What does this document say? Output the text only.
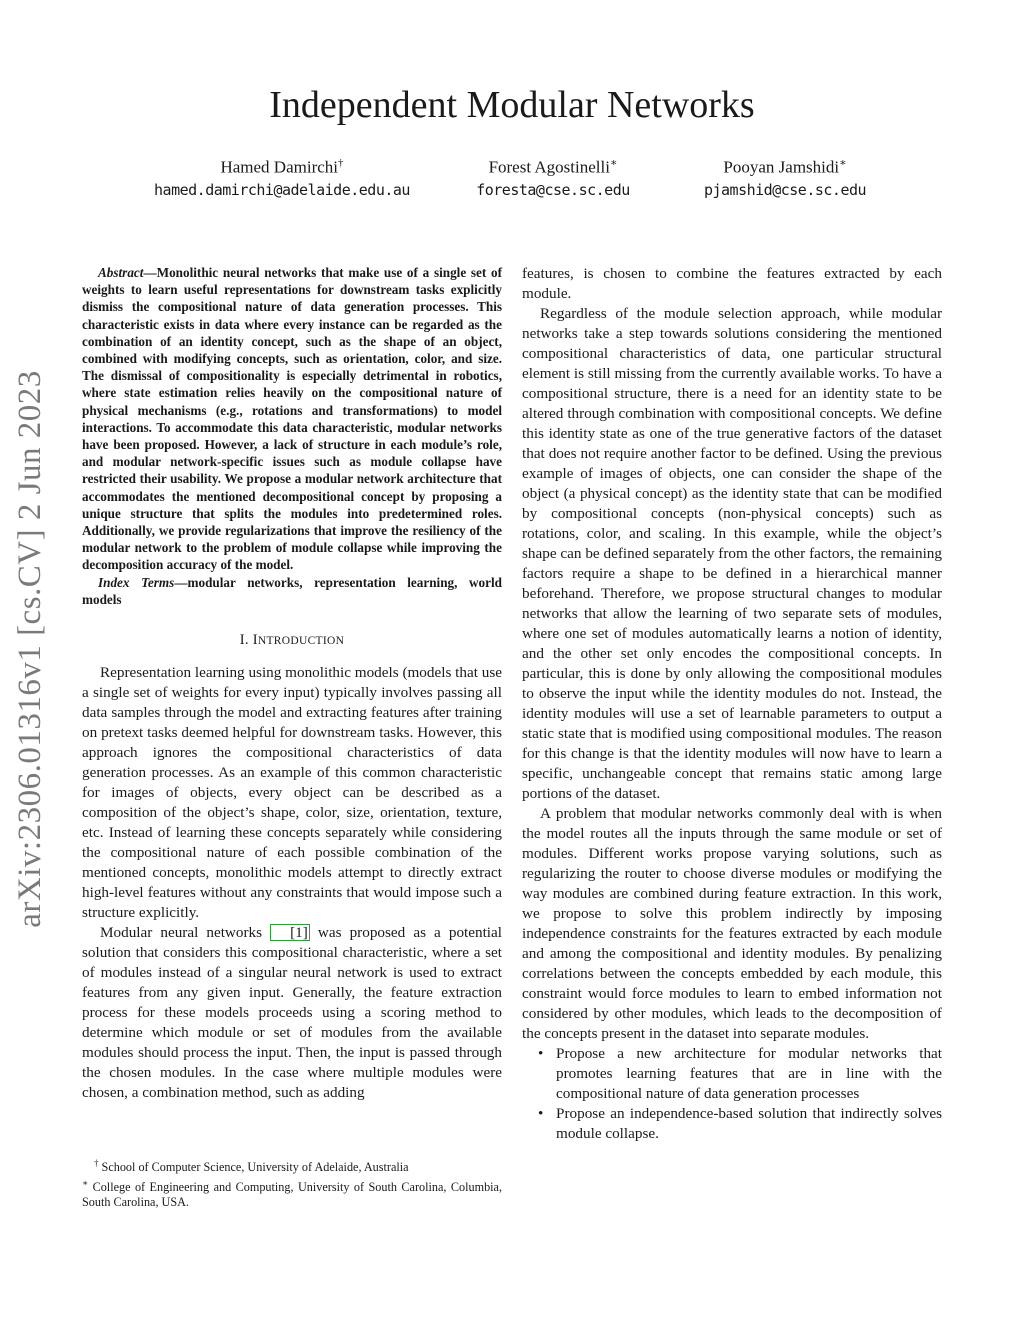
arXiv:2306.01316v1 [cs.CV] 2 Jun 2023
Independent Modular Networks
Hamed Damirchi†
hamed.damirchi@adelaide.edu.au
Forest Agostinelli∗
foresta@cse.sc.edu
Pooyan Jamshidi∗
pjamshid@cse.sc.edu

Abstract—Monolithic neural networks that make use of a single set of weights to learn useful representations for downstream tasks explicitly dismiss the compositional nature of data generation processes. This characteristic exists in data where every instance can be regarded as the combination of an identity concept, such as the shape of an object, combined with modifying concepts, such as orientation, color, and size. The dismissal of compositionality is especially detrimental in robotics, where state estimation relies heavily on the compositional nature of physical mechanisms (e.g., rotations and transformations) to model interactions. To accommodate this data characteristic, modular networks have been proposed. However, a lack of structure in each module’s role, and modular network-specific issues such as module collapse have restricted their usability. We propose a modular network architecture that accommodates the mentioned decompositional concept by proposing a unique structure that splits the modules into predetermined roles. Additionally, we provide regularizations that improve the resiliency of the modular network to the problem of module collapse while improving the decomposition accuracy of the model.

Index Terms—modular networks, representation learning, world models

I. INTRODUCTION

Representation learning using monolithic models (models that use a single set of weights for every input) typically involves passing all data samples through the model and extracting features after training on pretext tasks deemed helpful for downstream tasks. However, this approach ignores the compositional characteristics of data generation processes. As an example of this common characteristic for images of objects, every object can be described as a composition of the object’s shape, color, size, orientation, texture, etc. Instead of learning these concepts separately while considering the compositional nature of each possible combination of the mentioned concepts, monolithic models attempt to directly extract high-level features without any constraints that would impose such a structure explicitly.

Modular neural networks [1] was proposed as a potential solution that considers this compositional characteristic, where a set of modules instead of a singular neural network is used to extract features from any given input. Generally, the feature extraction process for these models proceeds using a scoring method to determine which module or set of modules from the available modules should process the input. Then, the input is passed through the chosen modules. In the case where multiple modules were chosen, a combination method, such as adding

features, is chosen to combine the features extracted by each module.

Regardless of the module selection approach, while modular networks take a step towards solutions considering the mentioned compositional characteristics of data, one particular structural element is still missing from the currently available works. To have a compositional structure, there is a need for an identity state to be altered through combination with compositional concepts. We define this identity state as one of the true generative factors of the dataset that does not require another factor to be defined. Using the previous example of images of objects, one can consider the shape of the object (a physical concept) as the identity state that can be modified by compositional concepts (non-physical concepts) such as rotations, color, and scaling. In this example, while the object’s shape can be defined separately from the other factors, the remaining factors require a shape to be defined in a hierarchical manner beforehand. Therefore, we propose structural changes to modular networks that allow the learning of two separate sets of modules, where one set of modules automatically learns a notion of identity, and the other set only encodes the compositional concepts. In particular, this is done by only allowing the compositional modules to observe the input while the identity modules do not. Instead, the identity modules will use a set of learnable parameters to output a static state that is modified using compositional modules. The reason for this change is that the identity modules will now have to learn a specific, unchangeable concept that remains static among large portions of the dataset.

A problem that modular networks commonly deal with is when the model routes all the inputs through the same module or set of modules. Different works propose varying solutions, such as regularizing the router to choose diverse modules or modifying the way modules are combined during feature extraction. In this work, we propose to solve this problem indirectly by imposing independence constraints for the features extracted by each module and among the compositional and identity modules. By penalizing correlations between the concepts embedded by each module, this constraint would force modules to learn to embed information not considered by other modules, which leads to the decomposition of the concepts present in the dataset into separate modules.

• Propose a new architecture for modular networks that promotes learning features that are in line with the compositional nature of data generation processes
• Propose an independence-based solution that indirectly solves module collapse.

† School of Computer Science, University of Adelaide, Australia

∗ College of Engineering and Computing, University of South Carolina, Columbia, South Carolina, USA.
